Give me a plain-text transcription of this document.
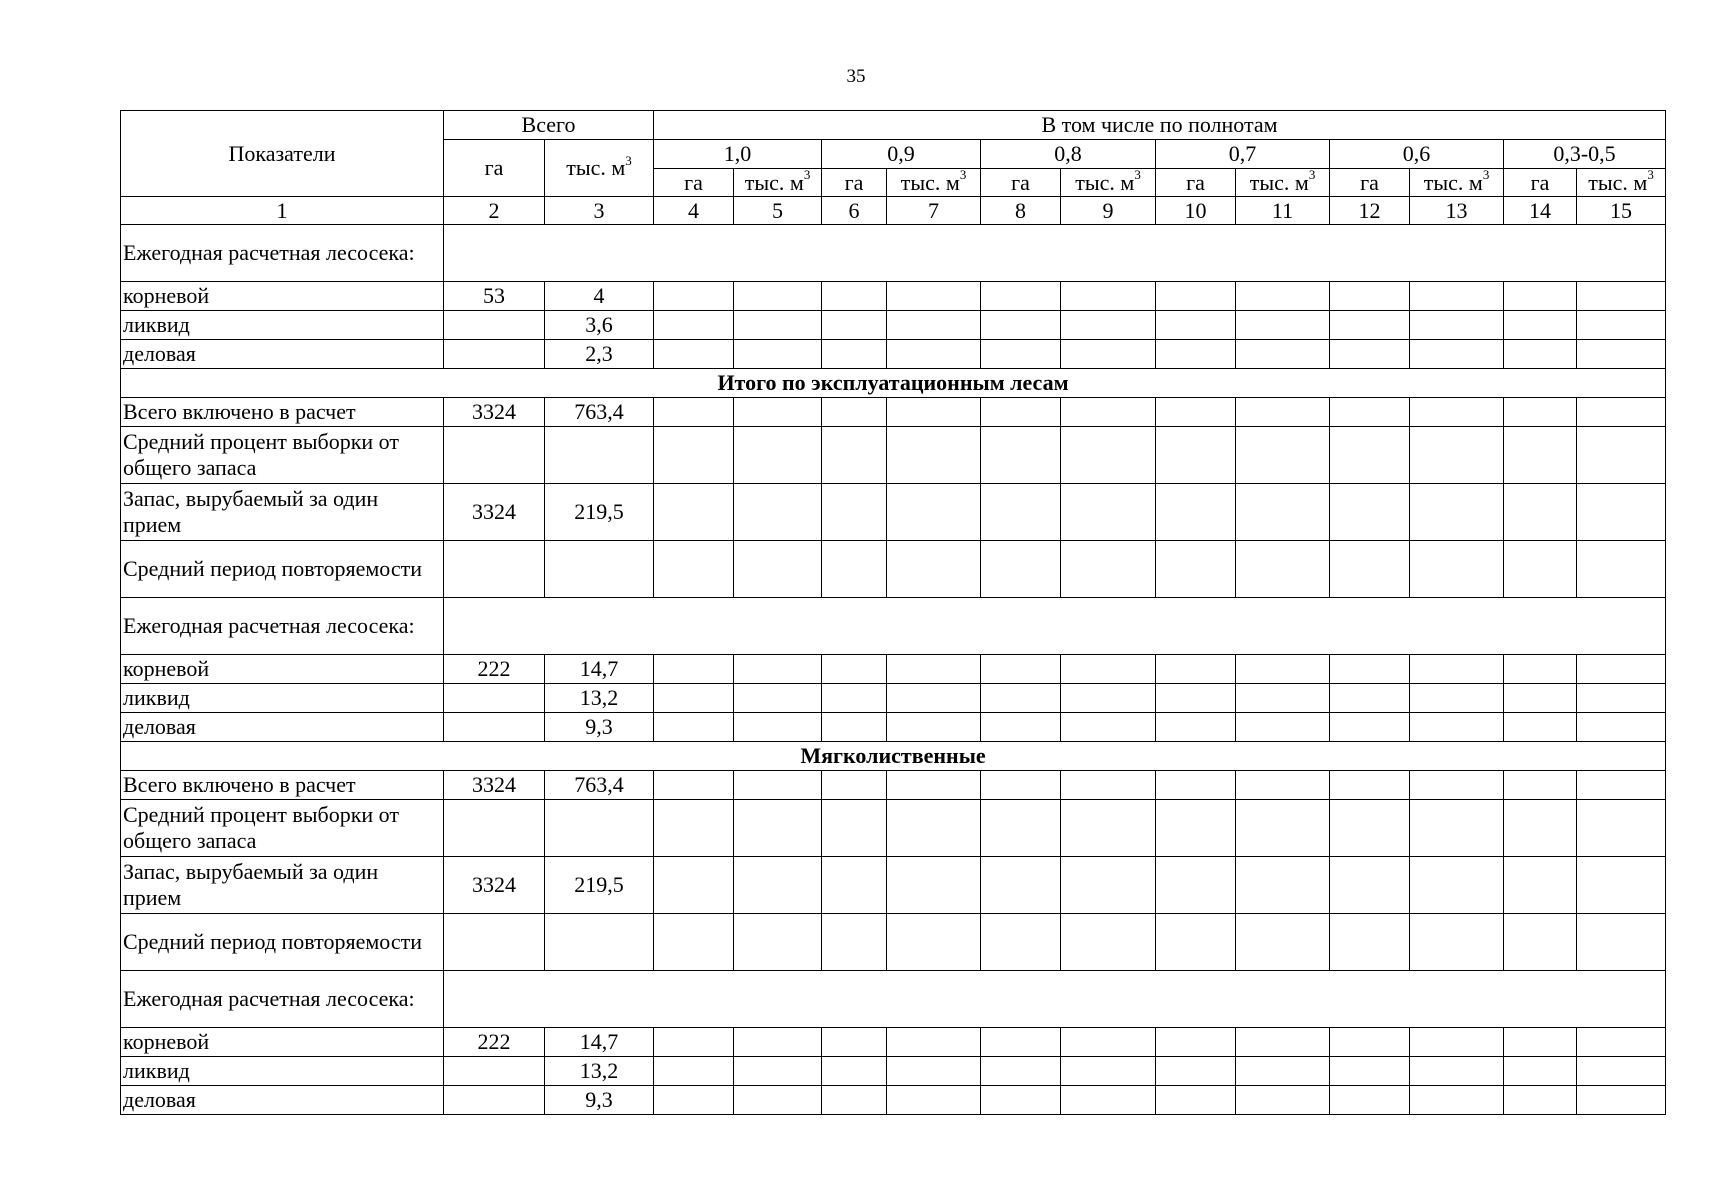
35
Показатели	Всего		В том числе по полнотам											
	га	тыс. $м^3$	1,0		0,9		0,8		0,7		0,6		0,3-0,5	
			га	тыс. $м^3$	га	тыс. $м^3$	га	тыс. $м^3$	га	тыс. $м^3$	га	тыс. $м^3$	га	тыс. $м^3$
1	2	3	4	5	6	7	8	9	10	11	12	13	14	15
Ежегодная расчетная лесосека:														
корневой	53	4												
ликвид		3,6												
деловая		2,3												
Итого по эксплуатационным лесам														
Всего включено в расчет	3324	763,4												
Средний процент выборки от общего запаса														
Запас, вырубаемый за один прием	3324	219,5												
Средний период повторяемости														
Ежегодная расчетная лесосека:														
корневой	222	14,7												
ликвид		13,2												
деловая		9,3												
Мягколиственные														
Всего включено в расчет	3324	763,4												
Средний процент выборки от общего запаса														
Запас, вырубаемый за один прием	3324	219,5												
Средний период повторяемости														
Ежегодная расчетная лесосека:														
корневой	222	14,7												
ликвид		13,2												
деловая		9,3												
